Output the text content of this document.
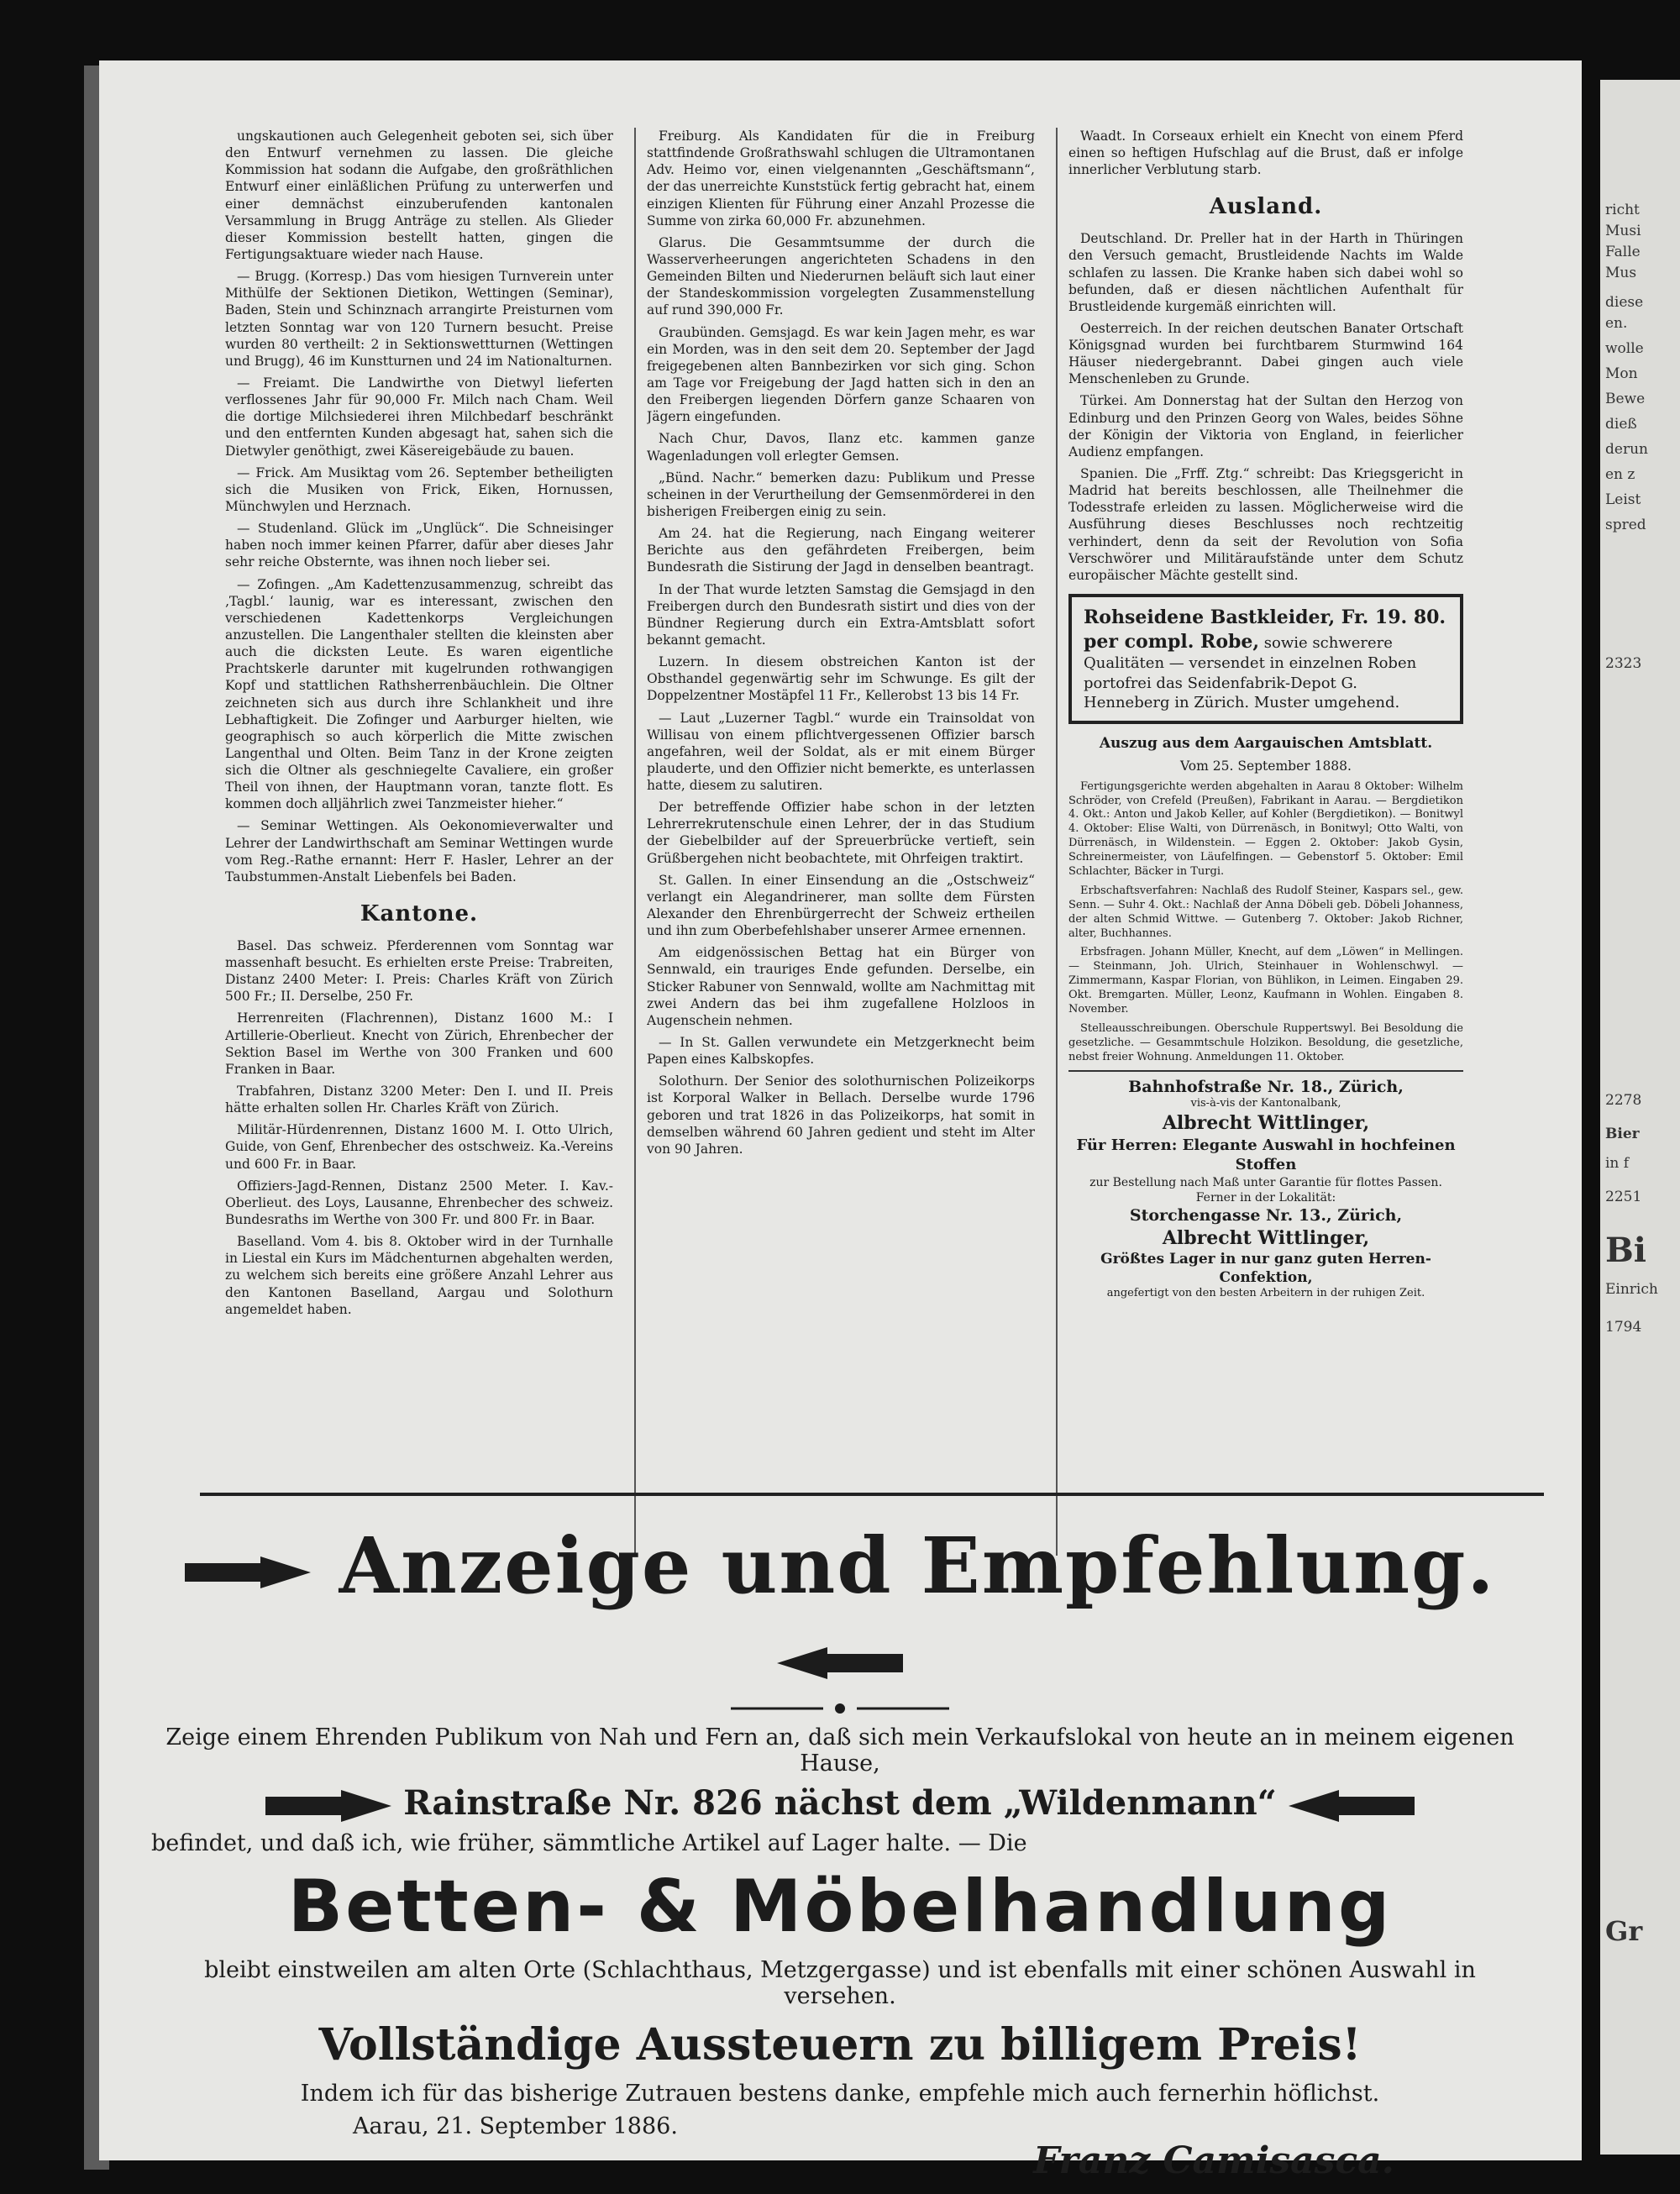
ungskautionen auch Gelegenheit geboten sei, sich über den Entwurf vernehmen zu lassen. Die gleiche Kommission hat sodann die Aufgabe, den großräthlichen Entwurf einer einläßlichen Prüfung zu unterwerfen und einer demnächst einzuberufenden kantonalen Versammlung in Brugg Anträge zu stellen. Als Glieder dieser Kommission bestellt hatten, gingen die Fertigungsaktuare wieder nach Hause.

— Brugg. (Korresp.) Das vom hiesigen Turnverein unter Mithülfe der Sektionen Dietikon, Wettingen (Seminar), Baden, Stein und Schinznach arrangirte Preisturnen vom letzten Sonntag war von 120 Turnern besucht. Preise wurden 80 vertheilt: 2 in Sektionswettturnen (Wettingen und Brugg), 46 im Kunstturnen und 24 im Nationalturnen.

— Freiamt. Die Landwirthe von Dietwyl lieferten verflossenes Jahr für 90,000 Fr. Milch nach Cham. Weil die dortige Milchsiederei ihren Milchbedarf beschränkt und den entfernten Kunden abgesagt hat, sahen sich die Dietwyler genöthigt, zwei Käsereigebäude zu bauen.

— Frick. Am Musiktag vom 26. September betheiligten sich die Musiken von Frick, Eiken, Hornussen, Münchwylen und Herznach.

— Studenland. Glück im „Unglück“. Die Schneisinger haben noch immer keinen Pfarrer, dafür aber dieses Jahr sehr reiche Obsternte, was ihnen noch lieber sei.

— Zofingen. „Am Kadettenzusammenzug, schreibt das ‚Tagbl.‘ launig, war es interessant, zwischen den verschiedenen Kadettenkorps Vergleichungen anzustellen. Die Langenthaler stellten die kleinsten aber auch die dicksten Leute. Es waren eigentliche Prachtskerle darunter mit kugelrunden rothwangigen Kopf und stattlichen Rathsherrenbäuchlein. Die Oltner zeichneten sich aus durch ihre Schlankheit und ihre Lebhaftigkeit. Die Zofinger und Aarburger hielten, wie geographisch so auch körperlich die Mitte zwischen Langenthal und Olten. Beim Tanz in der Krone zeigten sich die Oltner als geschniegelte Cavaliere, ein großer Theil von ihnen, der Hauptmann voran, tanzte flott. Es kommen doch alljährlich zwei Tanzmeister hieher.“

— Seminar Wettingen. Als Oekonomieverwalter und Lehrer der Landwirthschaft am Seminar Wettingen wurde vom Reg.-Rathe ernannt: Herr F. Hasler, Lehrer an der Taubstummen-Anstalt Liebenfels bei Baden.

Kantone.

Basel. Das schweiz. Pferderennen vom Sonntag war massenhaft besucht. Es erhielten erste Preise: Trabreiten, Distanz 2400 Meter: I. Preis: Charles Kräft von Zürich 500 Fr.; II. Derselbe, 250 Fr.

Herrenreiten (Flachrennen), Distanz 1600 M.: I Artillerie-Oberlieut. Knecht von Zürich, Ehrenbecher der Sektion Basel im Werthe von 300 Franken und 600 Franken in Baar.

Trabfahren, Distanz 3200 Meter: Den I. und II. Preis hätte erhalten sollen Hr. Charles Kräft von Zürich.

Militär-Hürdenrennen, Distanz 1600 M. I. Otto Ulrich, Guide, von Genf, Ehrenbecher des ostschweiz. Ka.-Vereins und 600 Fr. in Baar.

Offiziers-Jagd-Rennen, Distanz 2500 Meter. I. Kav.-Oberlieut. des Loys, Lausanne, Ehrenbecher des schweiz. Bundesraths im Werthe von 300 Fr. und 800 Fr. in Baar.

Baselland. Vom 4. bis 8. Oktober wird in der Turnhalle in Liestal ein Kurs im Mädchenturnen abgehalten werden, zu welchem sich bereits eine größere Anzahl Lehrer aus den Kantonen Baselland, Aargau und Solothurn angemeldet haben.

Freiburg. Als Kandidaten für die in Freiburg stattfindende Großrathswahl schlugen die Ultramontanen Adv. Heimo vor, einen vielgenannten „Geschäftsmann“, der das unerreichte Kunststück fertig gebracht hat, einem einzigen Klienten für Führung einer Anzahl Prozesse die Summe von zirka 60,000 Fr. abzunehmen.

Glarus. Die Gesammtsumme der durch die Wasserverheerungen angerichteten Schadens in den Gemeinden Bilten und Niederurnen beläuft sich laut einer der Standeskommission vorgelegten Zusammenstellung auf rund 390,000 Fr.

Graubünden. Gemsjagd. Es war kein Jagen mehr, es war ein Morden, was in den seit dem 20. September der Jagd freigegebenen alten Bannbezirken vor sich ging. Schon am Tage vor Freigebung der Jagd hatten sich in den an den Freibergen liegenden Dörfern ganze Schaaren von Jägern eingefunden.

Nach Chur, Davos, Ilanz etc. kammen ganze Wagenladungen voll erlegter Gemsen.

„Bünd. Nachr.“ bemerken dazu: Publikum und Presse scheinen in der Verurtheilung der Gemsenmörderei in den bisherigen Freibergen einig zu sein.

Am 24. hat die Regierung, nach Eingang weiterer Berichte aus den gefährdeten Freibergen, beim Bundesrath die Sistirung der Jagd in denselben beantragt.

In der That wurde letzten Samstag die Gemsjagd in den Freibergen durch den Bundesrath sistirt und dies von der Bündner Regierung durch ein Extra-Amtsblatt sofort bekannt gemacht.

Luzern. In diesem obstreichen Kanton ist der Obsthandel gegenwärtig sehr im Schwunge. Es gilt der Doppelzentner Mostäpfel 11 Fr., Kellerobst 13 bis 14 Fr.

— Laut „Luzerner Tagbl.“ wurde ein Trainsoldat von Willisau von einem pflichtvergessenen Offizier barsch angefahren, weil der Soldat, als er mit einem Bürger plauderte, und den Offizier nicht bemerkte, es unterlassen hatte, diesem zu salutiren.

Der betreffende Offizier habe schon in der letzten Lehrerrekrutenschule einen Lehrer, der in das Studium der Giebelbilder auf der Spreuerbrücke vertieft, sein Grüßbergehen nicht beobachtete, mit Ohrfeigen traktirt.

St. Gallen. In einer Einsendung an die „Ostschweiz“ verlangt ein Alegandrinerer, man sollte dem Fürsten Alexander den Ehrenbürgerrecht der Schweiz ertheilen und ihn zum Oberbefehlshaber unserer Armee ernennen.

Am eidgenössischen Bettag hat ein Bürger von Sennwald, ein trauriges Ende gefunden. Derselbe, ein Sticker Rabuner von Sennwald, wollte am Nachmittag mit zwei Andern das bei ihm zugefallene Holzloos in Augenschein nehmen.

— In St. Gallen verwundete ein Metzgerknecht beim Papen eines Kalbskopfes.

Solothurn. Der Senior des solothurnischen Polizeikorps ist Korporal Walker in Bellach. Derselbe wurde 1796 geboren und trat 1826 in das Polizeikorps, hat somit in demselben während 60 Jahren gedient und steht im Alter von 90 Jahren.

Waadt. In Corseaux erhielt ein Knecht von einem Pferd einen so heftigen Hufschlag auf die Brust, daß er infolge innerlicher Verblutung starb.

Ausland.

Deutschland. Dr. Preller hat in der Harth in Thüringen den Versuch gemacht, Brustleidende Nachts im Walde schlafen zu lassen. Die Kranke haben sich dabei wohl so befunden, daß er diesen nächtlichen Aufenthalt für Brustleidende kurgemäß einrichten will.

Oesterreich. In der reichen deutschen Banater Ortschaft Königsgnad wurden bei furchtbarem Sturmwind 164 Häuser niedergebrannt. Dabei gingen auch viele Menschenleben zu Grunde.

Türkei. Am Donnerstag hat der Sultan den Herzog von Edinburg und den Prinzen Georg von Wales, beides Söhne der Königin der Viktoria von England, in feierlicher Audienz empfangen.

Spanien. Die „Frff. Ztg.“ schreibt: Das Kriegsgericht in Madrid hat bereits beschlossen, alle Theilnehmer die Todesstrafe erleiden zu lassen. Möglicherweise wird die Ausführung dieses Beschlusses noch rechtzeitig verhindert, denn da seit der Revolution von Sofia Verschwörer und Militäraufstände unter dem Schutz europäischer Mächte gestellt sind.

Rohseidene Bastkleider, Fr. 19. 80. per compl. Robe, sowie schwerere Qualitäten — versendet in einzelnen Roben portofrei das Seidenfabrik-Depot G. Henneberg in Zürich. Muster umgehend.

Auszug aus dem Aargauischen Amtsblatt.

Vom 25. September 1888.

Fertigungsgerichte werden abgehalten in Aarau 8 Oktober: Wilhelm Schröder, von Crefeld (Preußen), Fabrikant in Aarau. — Bergdietikon 4. Okt.: Anton und Jakob Keller, auf Kohler (Bergdietikon). — Bonitwyl 4. Oktober: Elise Walti, von Dürrenäsch, in Bonitwyl; Otto Walti, von Dürrenäsch, in Wildenstein. — Eggen 2. Oktober: Jakob Gysin, Schreinermeister, von Läufelfingen. — Gebenstorf 5. Oktober: Emil Schlachter, Bäcker in Turgi.

Erbschaftsverfahren: Nachlaß des Rudolf Steiner, Kaspars sel., gew. Senn. — Suhr 4. Okt.: Nachlaß der Anna Döbeli geb. Döbeli Johanness, der alten Schmid Wittwe. — Gutenberg 7. Oktober: Jakob Richner, alter, Buchhannes.

Erbsfragen. Johann Müller, Knecht, auf dem „Löwen“ in Mellingen. — Steinmann, Joh. Ulrich, Steinhauer in Wohlenschwyl. — Zimmermann, Kaspar Florian, von Bühlikon, in Leimen. Eingaben 29. Okt. Bremgarten. Müller, Leonz, Kaufmann in Wohlen. Eingaben 8. November.

Stelleausschreibungen. Oberschule Ruppertswyl. Bei Besoldung die gesetzliche. — Gesammtschule Holzikon. Besoldung, die gesetzliche, nebst freier Wohnung. Anmeldungen 11. Oktober.

Bahnhofstraße Nr. 18., Zürich,
vis-à-vis der Kantonalbank,
Albrecht Wittlinger,
Für Herren: Elegante Auswahl in hochfeinen Stoffen
zur Bestellung nach Maß unter Garantie für flottes Passen.
Ferner in der Lokalität:
Storchengasse Nr. 13., Zürich,
Albrecht Wittlinger,
Größtes Lager in nur ganz guten Herren-Confektion,
angefertigt von den besten Arbeitern in der ruhigen Zeit.
Anzeige und Empfehlung.
Zeige einem Ehrenden Publikum von Nah und Fern an, daß sich mein Verkaufslokal von heute an in meinem eigenen Hause,
Rainstraße Nr. 826 nächst dem „Wildenmann“
befindet, und daß ich, wie früher, sämmtliche Artikel auf Lager halte. — Die
Betten- & Möbelhandlung
bleibt einstweilen am alten Orte (Schlachthaus, Metzgergasse) und ist ebenfalls mit einer schönen Auswahl in versehen.
Vollständige Aussteuern zu billigem Preis!
Indem ich für das bisherige Zutrauen bestens danke, empfehle mich auch fernerhin höflichst.
Aarau, 21. September 1886.
Franz Camisasca.
richt
Musi
Falle
Mus
diese
en.
wolle
Mon
Bewe
dieß
derun
en z
Leist
spred
2323
2278
Bier
in f
2251
Bi
Einrich
1794
Gr
